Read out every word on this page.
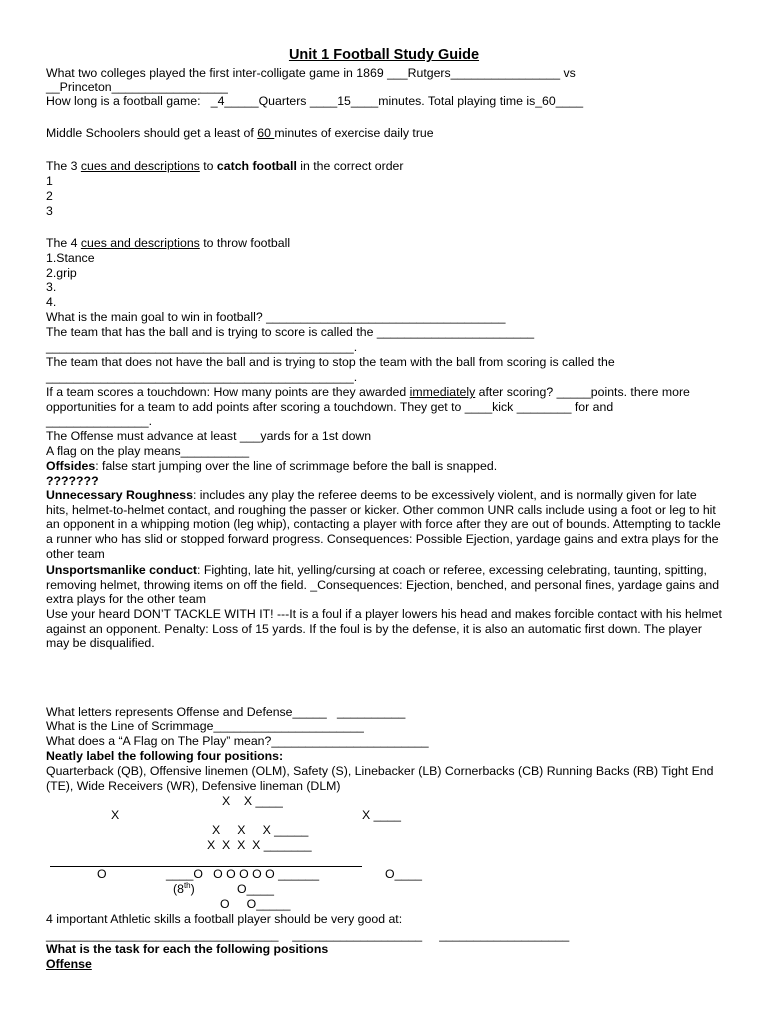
Unit 1 Football Study Guide
What two colleges played the first inter-colligate game in 1869 ___Rutgers________________ vs
__Princeton_________________
How long is a football game:   _4_____Quarters ____15____minutes. Total playing time is_60____
Middle Schoolers should get a least of 60 minutes of exercise daily true
The 3 cues and descriptions to catch football in the correct order
1
2
3
The 4 cues and descriptions to throw football
1.Stance
2.grip
3.
4.
What is the main goal to win in football? ___________________________________
The team that has the ball and is trying to score is called the _______________________
_____________________________________________.
The team that does not have the ball and is trying to stop the team with the ball from scoring is called the
_____________________________________________.
If a team scores a touchdown: How many points are they awarded immediately after scoring? _____points. there more opportunities for a team to add points after scoring a touchdown. They get to ____kick ________ for and
_______________.
The Offense must advance at least ___yards for a 1st down
A flag on the play means__________
Offsides: false start jumping over the line of scrimmage before the ball is snapped.
???????
Unnecessary Roughness: includes any play the referee deems to be excessively violent, and is normally given for late hits, helmet-to-helmet contact, and roughing the passer or kicker. Other common UNR calls include using a foot or leg to hit an opponent in a whipping motion (leg whip), contacting a player with force after they are out of bounds. Attempting to tackle a runner who has slid or stopped forward progress. Consequences: Possible Ejection, yardage gains and extra plays for the other team
Unsportsmanlike conduct: Fighting, late hit, yelling/cursing at coach or referee, excessing celebrating, taunting, spitting, removing helmet, throwing items on off the field. _Consequences: Ejection, benched, and personal fines, yardage gains and extra plays for the other team
Use your heard DON’T TACKLE WITH IT! ---It is a foul if a player lowers his head and makes forcible contact with his helmet against an opponent. Penalty: Loss of 15 yards. If the foul is by the defense, it is also an automatic first down. The player may be disqualified.
What letters represents Offense and Defense_____   __________
What is the Line of Scrimmage______________________
What does a “A Flag on The Play” mean?_______________________
Neatly label the following four positions:
Quarterback (QB), Offensive linemen (OLM), Safety (S), Linebacker (LB) Cornerbacks (CB) Running Backs (RB) Tight End (TE), Wide Receivers (WR), Defensive lineman (DLM)
X    X ____
X	X ____
X     X     X _____
X  X  X  X _______
O	____O   O O O O O ______	O____
(8th)	O____
O     O_____
4 important Athletic skills a football player should be very good at:
__________________________________    ___________________     ___________________
What is the task for each the following positions
Offense
